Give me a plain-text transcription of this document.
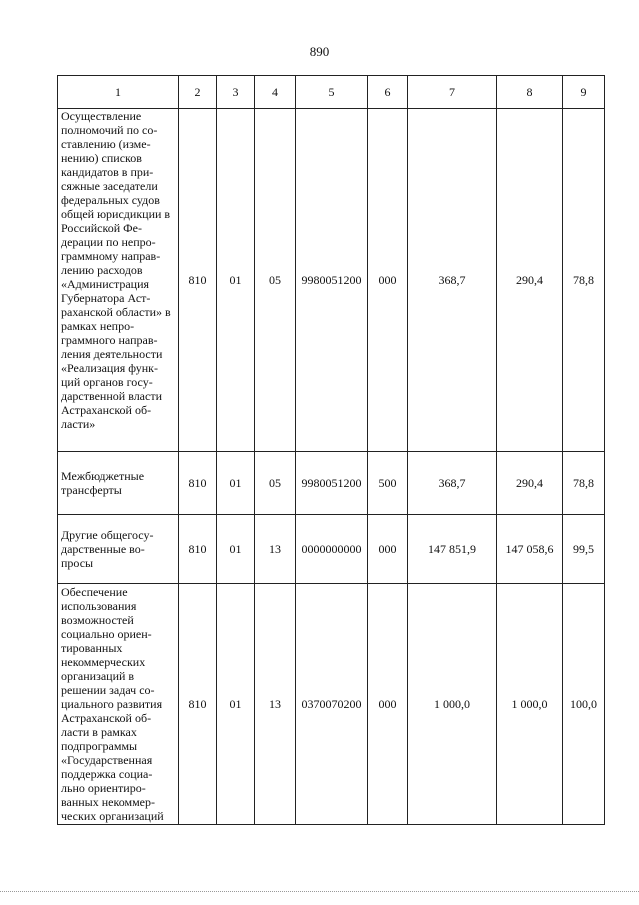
890
1	2	3	4	5	6	7	8	9
Осуществление полномочий по со-ставлению (изме-нению) списков кандидатов в при-сяжные заседатели федеральных судов общей юрисдикции в Российской Фе-дерации по непро-граммному направ-лению расходов «Администрация Губернатора Аст-раханской области» в рамках непро-граммного направ-ления деятельности «Реализация функ-ций органов госу-дарственной власти Астраханской об-ласти»	810	01	05	9980051200	000	368,7	290,4	78,8
Межбюджетные трансферты	810	01	05	9980051200	500	368,7	290,4	78,8
Другие общегосу-дарственные во-просы	810	01	13	0000000000	000	147 851,9	147 058,6	99,5
Обеспечение использования возможностей социально ориен-тированных некоммерческих организаций в решении задач со-циального развития Астраханской об-ласти в рамках подпрограммы «Государственная поддержка социа-льно ориентиро-ванных некоммер-ческих организаций	810	01	13	0370070200	000	1 000,0	1 000,0	100,0
